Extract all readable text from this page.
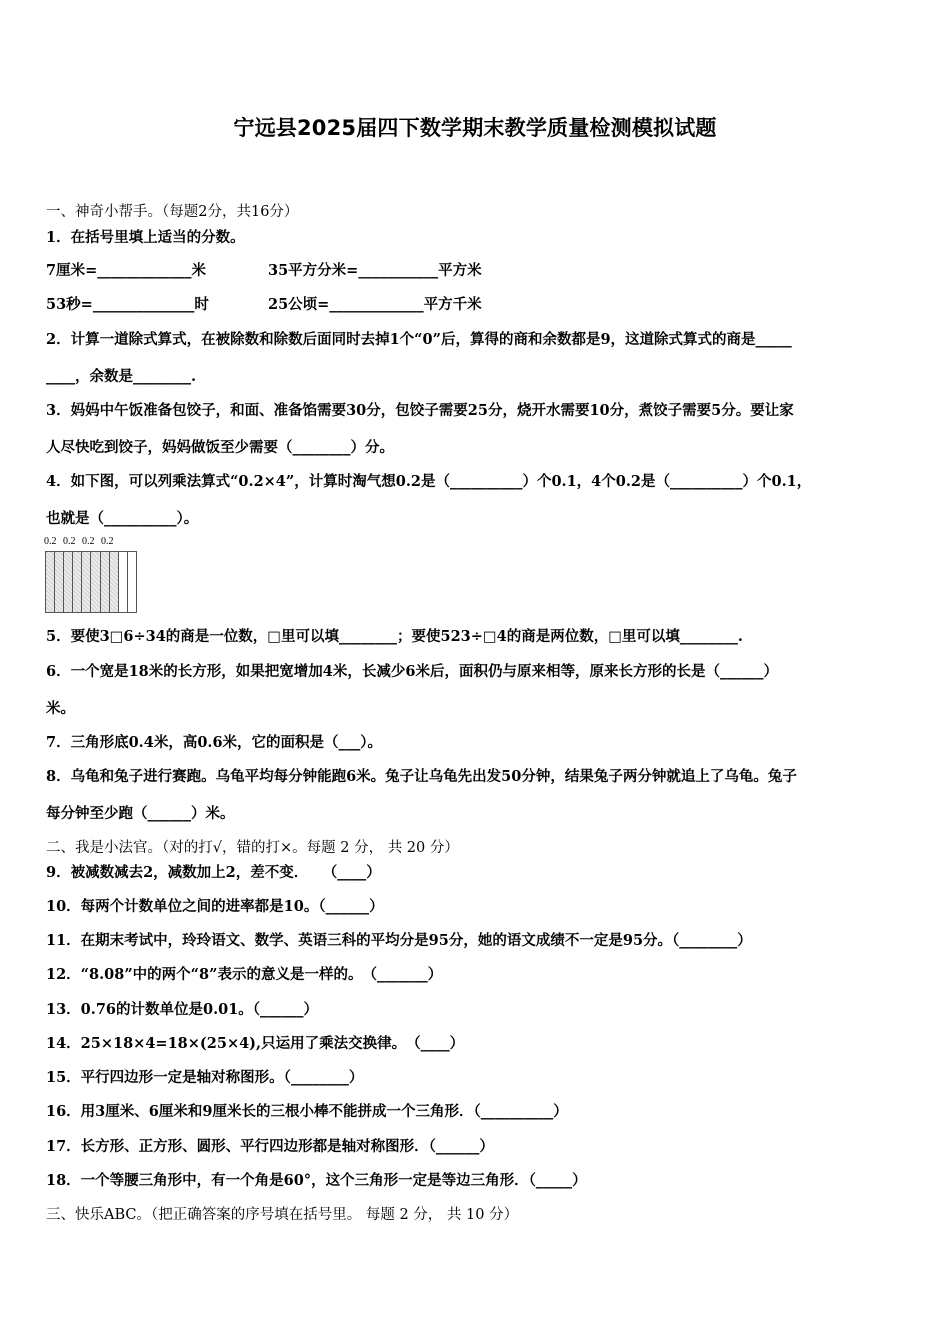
宁远县2025届四下数学期末教学质量检测模拟试题
一、神奇小帮手。（每题2分，共16分）
1．在括号里填上适当的分数。
7厘米=_____________米	35平方分米=___________平方米
53秒=______________时	25公顷=_____________平方千米
2．计算一道除式算式，在被除数和除数后面同时去掉1个“0”后，算得的商和余数都是9，这道除式算式的商是_____
____，余数是________.
3．妈妈中午饭准备包饺子，和面、准备馅需要30分，包饺子需要25分，烧开水需要10分，煮饺子需要5分。要让家
人尽快吃到饺子，妈妈做饭至少需要（________）分。
4．如下图，可以列乘法算式“0.2×4”，计算时淘气想0.2是（__________）个0.1，4个0.2是（__________）个0.1，
也就是（__________）。
0.2 0.2 0.2 0.2
5．要使3□6÷34的商是一位数，□里可以填________；要使523÷□4的商是两位数，□里可以填________.
6．一个宽是18米的长方形，如果把宽增加4米，长减少6米后，面积仍与原来相等，原来长方形的长是（______）
米。
7．三角形底0.4米，高0.6米，它的面积是（___）。
8．乌龟和兔子进行赛跑。乌龟平均每分钟能跑6米。兔子让乌龟先出发50分钟，结果兔子两分钟就追上了乌龟。兔子
每分钟至少跑（______）米。
二、我是小法官。（对的打√，错的打×。每题 2 分， 共 20 分）
9．被减数减去2，减数加上2，差不变．　　（____）
10．每两个计数单位之间的进率都是10。（______）
11．在期末考试中，玲玲语文、数学、英语三科的平均分是95分，她的语文成绩不一定是95分。（________）
12．“8.08”中的两个“8”表示的意义是一样的。　（_______）
13．0.76的计数单位是0.01。（______）
14．25×18×4=18×(25×4),只运用了乘法交换律。　（____）
15．平行四边形一定是轴对称图形。（________）
16．用3厘米、6厘米和9厘米长的三根小棒不能拼成一个三角形．（__________）
17．长方形、正方形、圆形、平行四边形都是轴对称图形．（______）
18．一个等腰三角形中，有一个角是60°，这个三角形一定是等边三角形．（_____）
三、快乐ABC。（把正确答案的序号填在括号里。 每题 2 分， 共 10 分）
